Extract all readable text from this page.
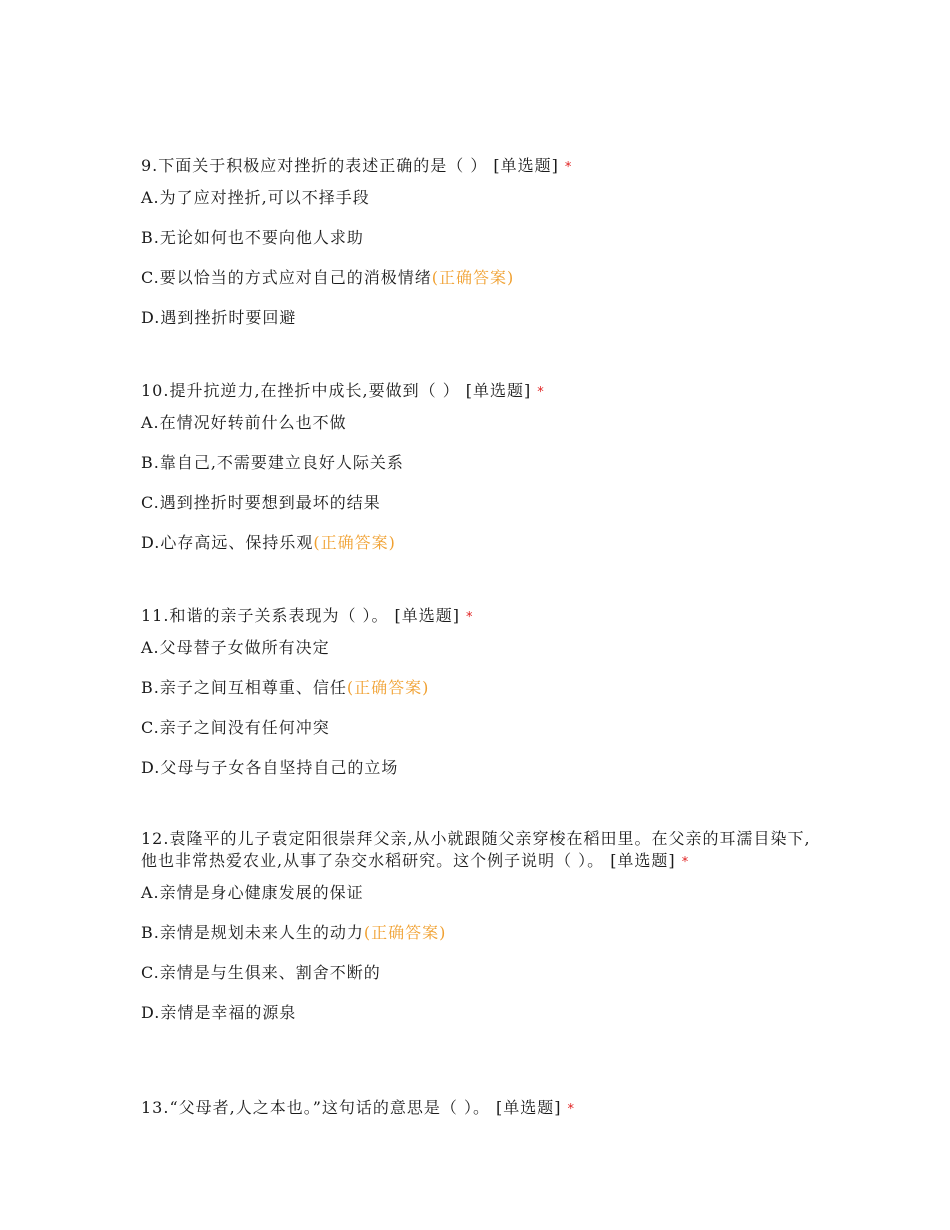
9.下面关于积极应对挫折的表述正确的是（ ） [单选题] *
A.为了应对挫折,可以不择手段
B.无论如何也不要向他人求助
C.要以恰当的方式应对自己的消极情绪(正确答案)
D.遇到挫折时要回避
10.提升抗逆力,在挫折中成长,要做到（ ） [单选题] *
A.在情况好转前什么也不做
B.靠自己,不需要建立良好人际关系
C.遇到挫折时要想到最坏的结果
D.心存高远、保持乐观(正确答案)
11.和谐的亲子关系表现为（ ）。 [单选题] *
A.父母替子女做所有决定
B.亲子之间互相尊重、信任(正确答案)
C.亲子之间没有任何冲突
D.父母与子女各自坚持自己的立场
12.袁隆平的儿子袁定阳很崇拜父亲,从小就跟随父亲穿梭在稻田里。在父亲的耳濡目染下,他也非常热爱农业,从事了杂交水稻研究。这个例子说明（ ）。 [单选题] *
A.亲情是身心健康发展的保证
B.亲情是规划未来人生的动力(正确答案)
C.亲情是与生俱来、割舍不断的
D.亲情是幸福的源泉
13.“父母者,人之本也。”这句话的意思是（ ）。 [单选题] *
